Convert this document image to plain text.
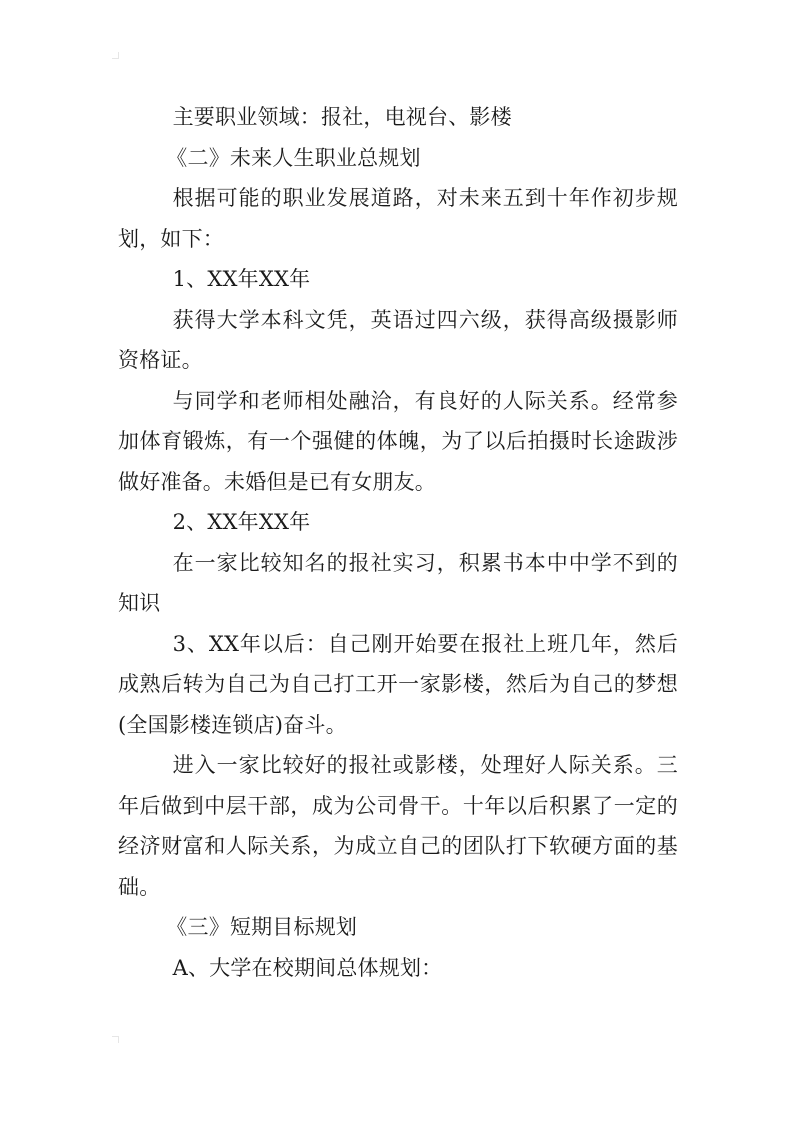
主要职业领域：报社，电视台、影楼

《二》未来人生职业总规划

根据可能的职业发展道路，对未来五到十年作初步规划，如下：

1、XX年XX年

获得大学本科文凭，英语过四六级，获得高级摄影师资格证。

与同学和老师相处融洽，有良好的人际关系。经常参加体育锻炼，有一个强健的体魄，为了以后拍摄时长途跋涉做好准备。未婚但是已有女朋友。

2、XX年XX年

在一家比较知名的报社实习，积累书本中中学不到的知识

3、XX年以后：自己刚开始要在报社上班几年，然后成熟后转为自己为自己打工开一家影楼，然后为自己的梦想(全国影楼连锁店)奋斗。

进入一家比较好的报社或影楼，处理好人际关系。三年后做到中层干部，成为公司骨干。十年以后积累了一定的经济财富和人际关系，为成立自己的团队打下软硬方面的基础。

《三》短期目标规划

A、大学在校期间总体规划：
